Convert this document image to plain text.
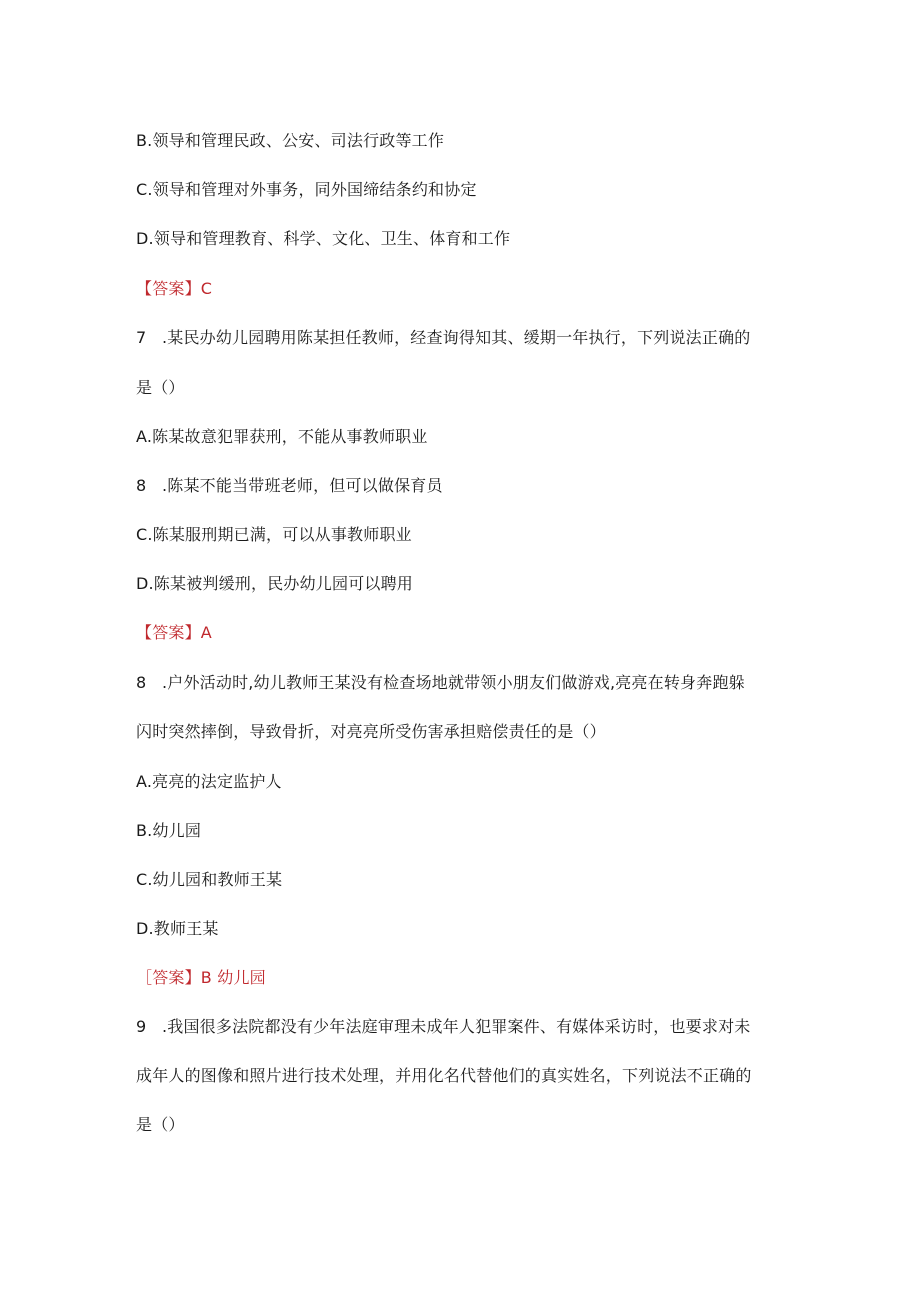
B.领导和管理民政、公安、司法行政等工作
C.领导和管理对外事务，同外国缔结条约和协定
D.领导和管理教育、科学、文化、卫生、体育和工作
【答案】C
7 .某民办幼儿园聘用陈某担任教师，经查询得知其、缓期一年执行，下列说法正确的
是（）
A.陈某故意犯罪获刑，不能从事教师职业
8 .陈某不能当带班老师，但可以做保育员
C.陈某服刑期已满，可以从事教师职业
D.陈某被判缓刑，民办幼儿园可以聘用
【答案】A
8 .户外活动时,幼儿教师王某没有检查场地就带领小朋友们做游戏,亮亮在转身奔跑躲
闪时突然摔倒，导致骨折，对亮亮所受伤害承担赔偿责任的是（）
A.亮亮的法定监护人
B.幼儿园
C.幼儿园和教师王某
D.教师王某
［答案】B 幼儿园
9 .我国很多法院都没有少年法庭审理未成年人犯罪案件、有媒体采访时，也要求对未
成年人的图像和照片进行技术处理，并用化名代替他们的真实姓名，下列说法不正确的
是（）
